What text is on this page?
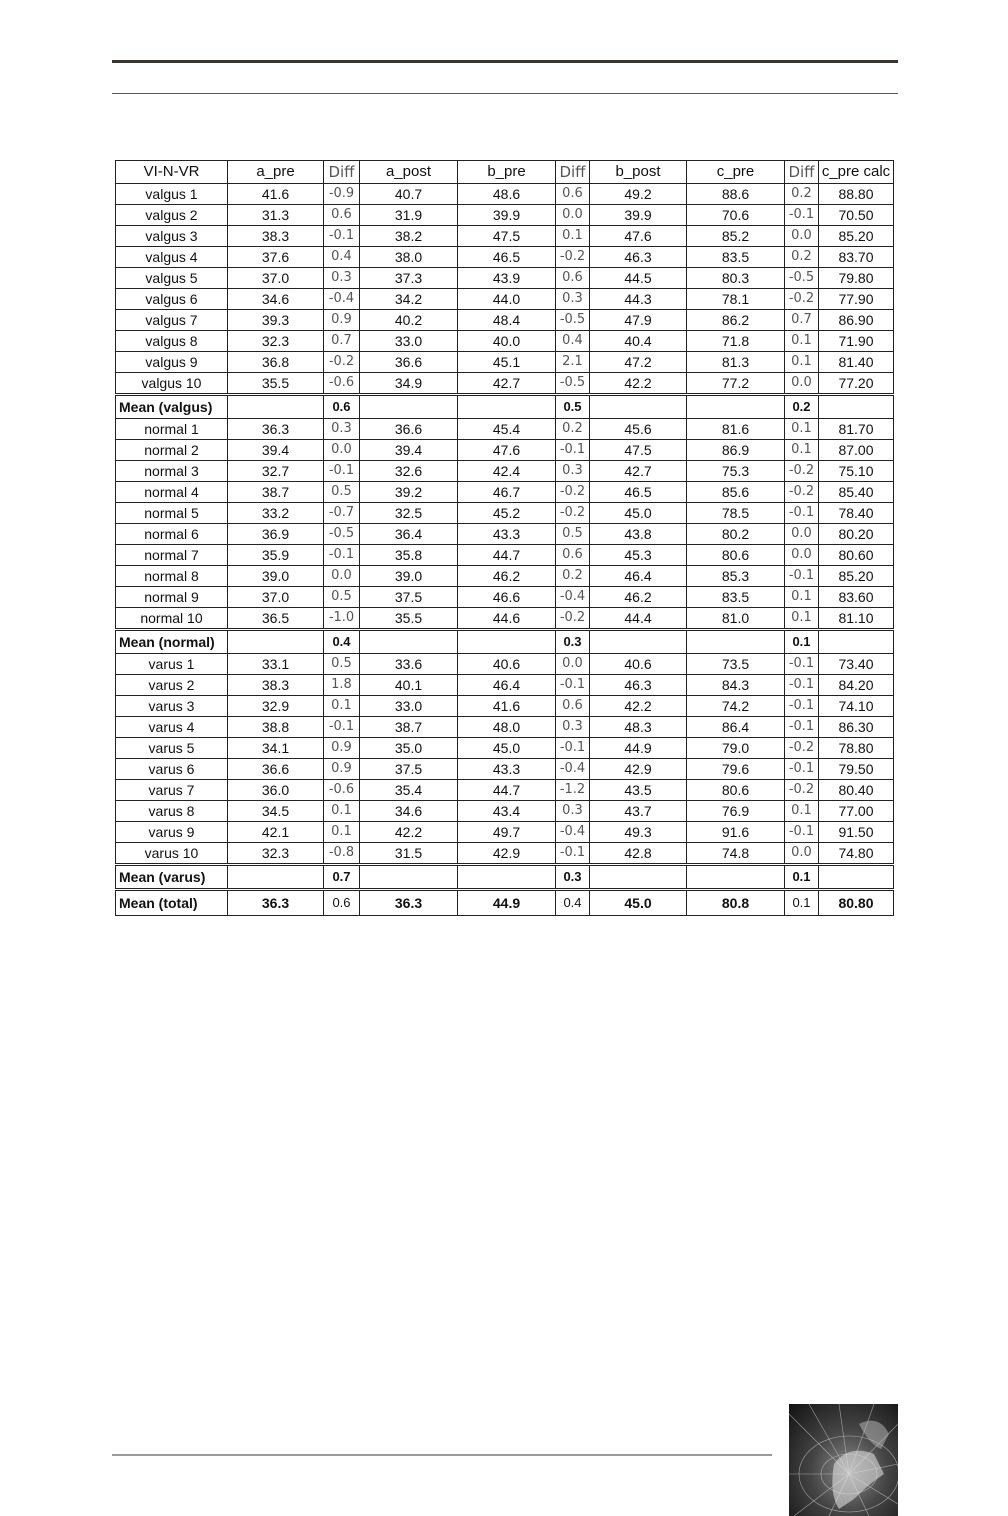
VI-N-VR	a_pre	Diff	a_post	b_pre	Diff	b_post	c_pre	Diff	c_pre calc
valgus 1	41.6	-0.9	40.7	48.6	0.6	49.2	88.6	0.2	88.80
valgus 2	31.3	0.6	31.9	39.9	0.0	39.9	70.6	-0.1	70.50
valgus 3	38.3	-0.1	38.2	47.5	0.1	47.6	85.2	0.0	85.20
valgus 4	37.6	0.4	38.0	46.5	-0.2	46.3	83.5	0.2	83.70
valgus 5	37.0	0.3	37.3	43.9	0.6	44.5	80.3	-0.5	79.80
valgus 6	34.6	-0.4	34.2	44.0	0.3	44.3	78.1	-0.2	77.90
valgus 7	39.3	0.9	40.2	48.4	-0.5	47.9	86.2	0.7	86.90
valgus 8	32.3	0.7	33.0	40.0	0.4	40.4	71.8	0.1	71.90
valgus 9	36.8	-0.2	36.6	45.1	2.1	47.2	81.3	0.1	81.40
valgus 10	35.5	-0.6	34.9	42.7	-0.5	42.2	77.2	0.0	77.20
Mean (valgus)		0.6			0.5			0.2	
normal 1	36.3	0.3	36.6	45.4	0.2	45.6	81.6	0.1	81.70
normal 2	39.4	0.0	39.4	47.6	-0.1	47.5	86.9	0.1	87.00
normal 3	32.7	-0.1	32.6	42.4	0.3	42.7	75.3	-0.2	75.10
normal 4	38.7	0.5	39.2	46.7	-0.2	46.5	85.6	-0.2	85.40
normal 5	33.2	-0.7	32.5	45.2	-0.2	45.0	78.5	-0.1	78.40
normal 6	36.9	-0.5	36.4	43.3	0.5	43.8	80.2	0.0	80.20
normal 7	35.9	-0.1	35.8	44.7	0.6	45.3	80.6	0.0	80.60
normal 8	39.0	0.0	39.0	46.2	0.2	46.4	85.3	-0.1	85.20
normal 9	37.0	0.5	37.5	46.6	-0.4	46.2	83.5	0.1	83.60
normal 10	36.5	-1.0	35.5	44.6	-0.2	44.4	81.0	0.1	81.10
Mean (normal)		0.4			0.3			0.1	
varus 1	33.1	0.5	33.6	40.6	0.0	40.6	73.5	-0.1	73.40
varus 2	38.3	1.8	40.1	46.4	-0.1	46.3	84.3	-0.1	84.20
varus 3	32.9	0.1	33.0	41.6	0.6	42.2	74.2	-0.1	74.10
varus 4	38.8	-0.1	38.7	48.0	0.3	48.3	86.4	-0.1	86.30
varus 5	34.1	0.9	35.0	45.0	-0.1	44.9	79.0	-0.2	78.80
varus 6	36.6	0.9	37.5	43.3	-0.4	42.9	79.6	-0.1	79.50
varus 7	36.0	-0.6	35.4	44.7	-1.2	43.5	80.6	-0.2	80.40
varus 8	34.5	0.1	34.6	43.4	0.3	43.7	76.9	0.1	77.00
varus 9	42.1	0.1	42.2	49.7	-0.4	49.3	91.6	-0.1	91.50
varus 10	32.3	-0.8	31.5	42.9	-0.1	42.8	74.8	0.0	74.80
Mean (varus)		0.7			0.3			0.1	
Mean (total)	36.3	0.6	36.3	44.9	0.4	45.0	80.8	0.1	80.80
